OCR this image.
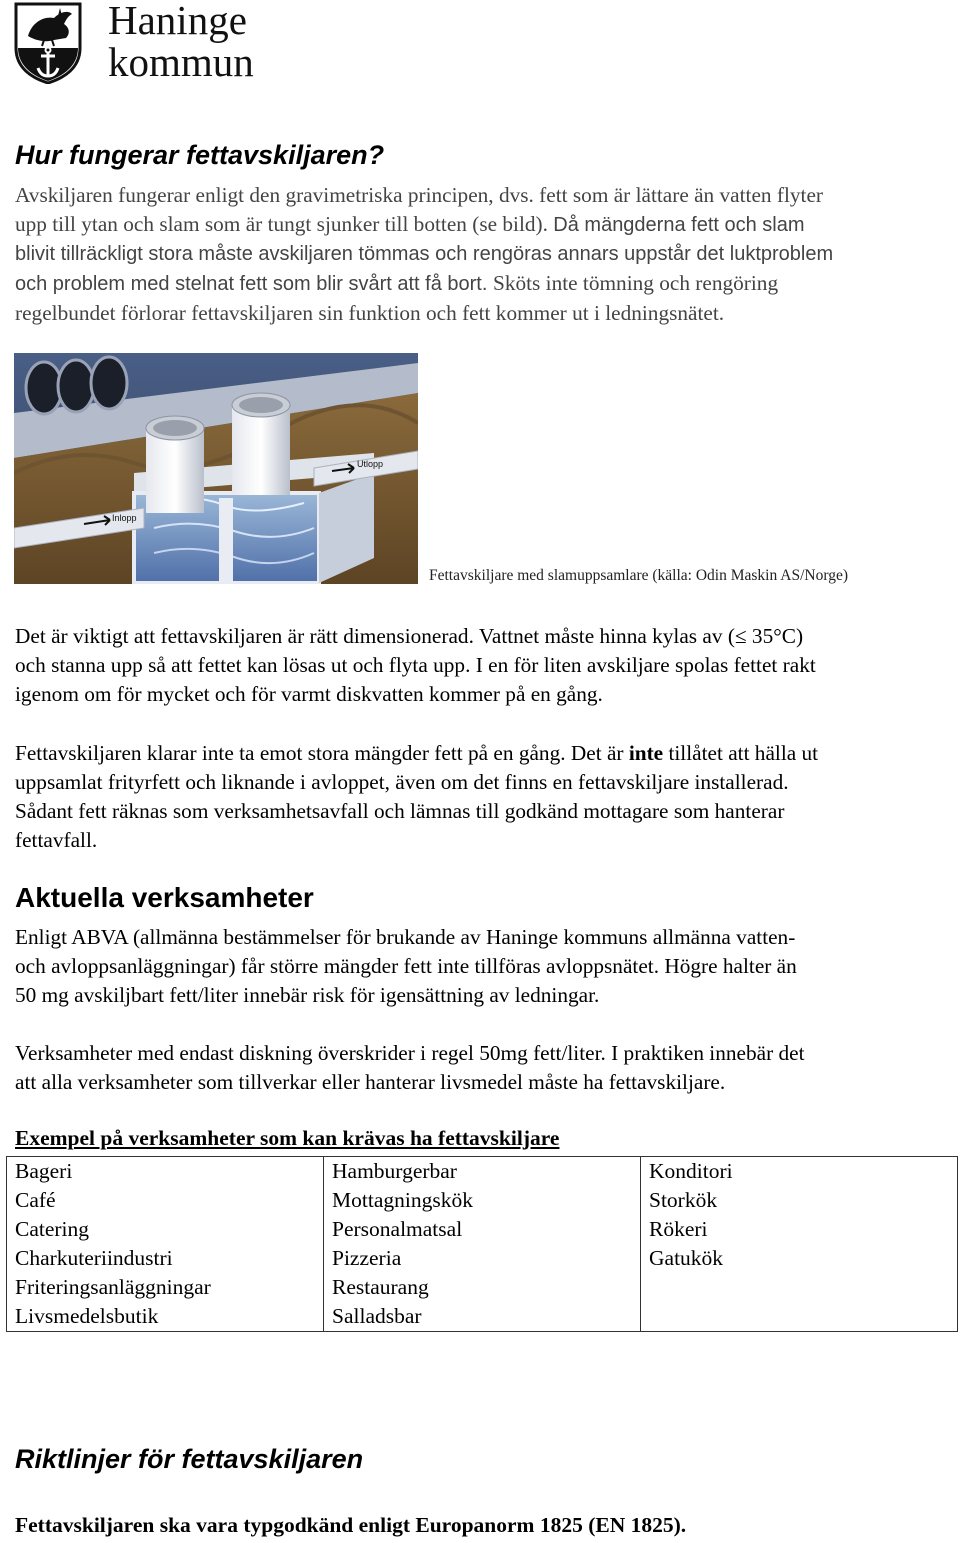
Haninge
kommun
Hur fungerar fettavskiljaren?
Avskiljaren fungerar enligt den gravimetriska principen, dvs. fett som är lättare än vatten flyter
upp till ytan och slam som är tungt sjunker till botten (se bild). Då mängderna fett och slam
blivit tillräckligt stora måste avskiljaren tömmas och rengöras annars uppstår det luktproblem
och problem med stelnat fett som blir svårt att få bort. Sköts inte tömning och rengöring
regelbundet förlorar fettavskiljaren sin funktion och fett kommer ut i ledningsnätet.
Inlopp
Utlopp
Fettavskiljare med slamuppsamlare (källa: Odin Maskin AS/Norge)
Det är viktigt att fettavskiljaren är rätt dimensionerad. Vattnet måste hinna kylas av (≤ 35°C)
och stanna upp så att fettet kan lösas ut och flyta upp. I en för liten avskiljare spolas fettet rakt
igenom om för mycket och för varmt diskvatten kommer på en gång.
Fettavskiljaren klarar inte ta emot stora mängder fett på en gång. Det är inte tillåtet att hälla ut
uppsamlat frityrfett och liknande i avloppet, även om det finns en fettavskiljare installerad.
Sådant fett räknas som verksamhetsavfall och lämnas till godkänd mottagare som hanterar
fettavfall.
Aktuella verksamheter
Enligt ABVA (allmänna bestämmelser för brukande av Haninge kommuns allmänna vatten-
och avloppsanläggningar) får större mängder fett inte tillföras avloppsnätet. Högre halter än
50 mg avskiljbart fett/liter innebär risk för igensättning av ledningar.
Verksamheter med endast diskning överskrider i regel 50mg fett/liter. I praktiken innebär det
att alla verksamheter som tillverkar eller hanterar livsmedel måste ha fettavskiljare.
Exempel på verksamheter som kan krävas ha fettavskiljare
Bageri
Café
Catering
Charkuteriindustri
Friteringsanläggningar
Livsmedelsbutik

Hamburgerbar
Mottagningskök
Personalmatsal
Pizzeria
Restaurang
Salladsbar

Konditori
Storkök
Rökeri
Gatukök
Riktlinjer för fettavskiljaren
Fettavskiljaren ska vara typgodkänd enligt Europanorm 1825 (EN 1825).
